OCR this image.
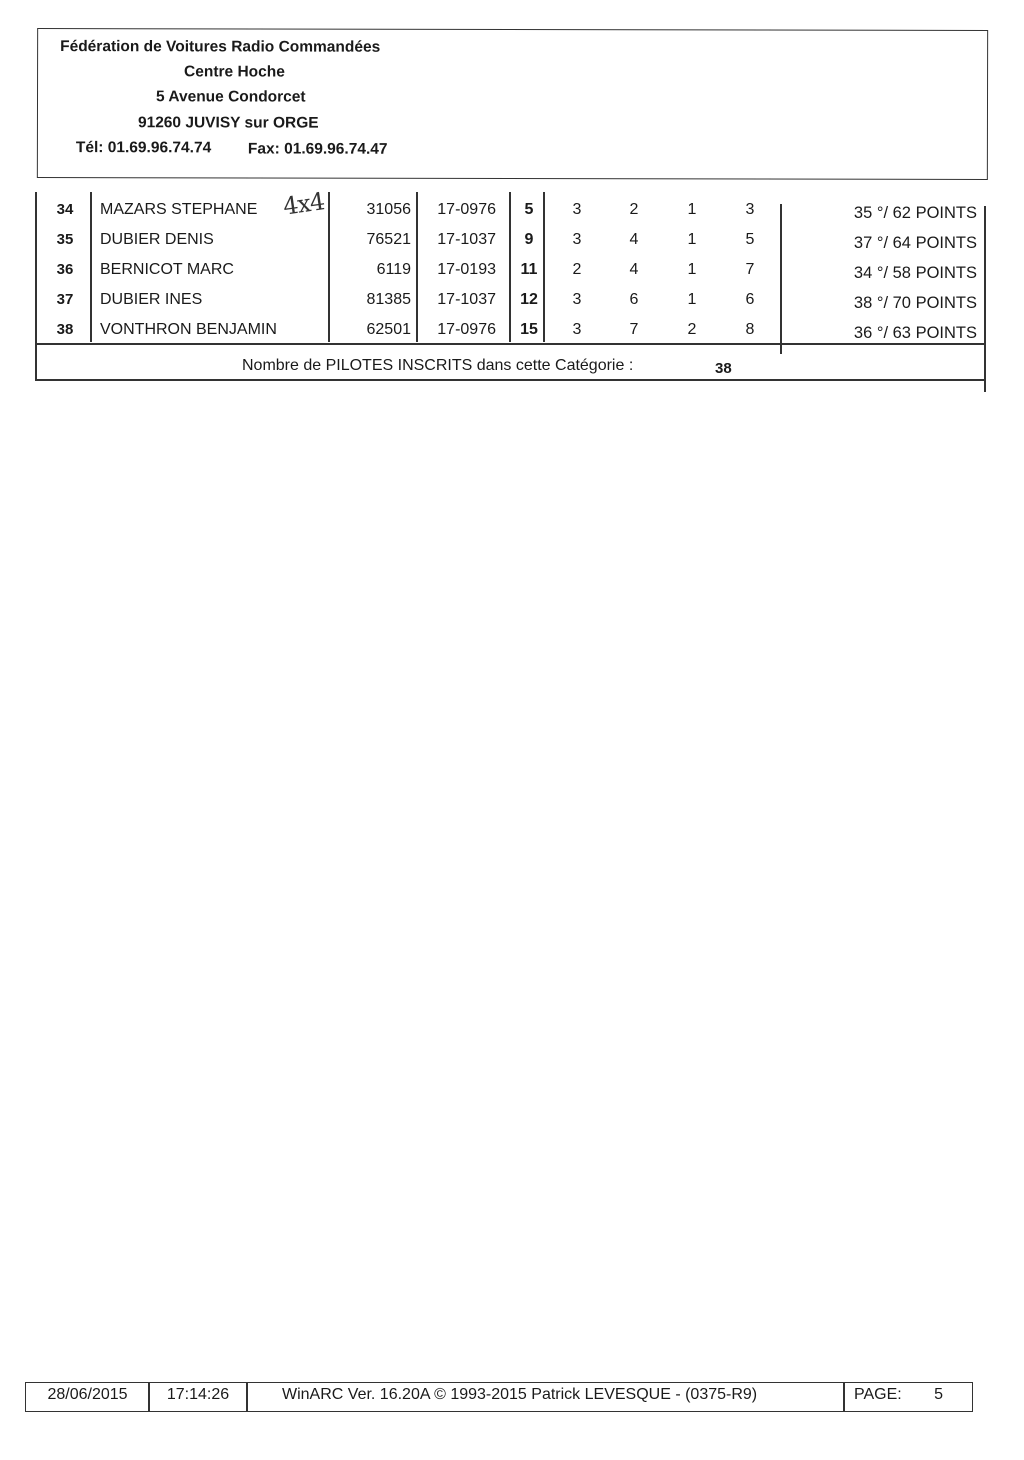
Fédération de Voitures Radio Commandées
Centre Hoche
5 Avenue Condorcet
91260 JUVISY sur ORGE
Tél: 01.69.96.74.74 Fax: 01.69.96.74.47
34	MAZARS STEPHANE	31056	17-0976	5	3	2	1	3	35 °/ 62 POINTS
35	DUBIER DENIS	76521	17-1037	9	3	4	1	5	37 °/ 64 POINTS
36	BERNICOT MARC	6119	17-0193	11	2	4	1	7	34 °/ 58 POINTS
37	DUBIER INES	81385	17-1037	12	3	6	1	6	38 °/ 70 POINTS
38	VONTHRON BENJAMIN	62501	17-0976	15	3	7	2	8	36 °/ 63 POINTS
Nombre de PILOTES INSCRITS dans cette Catégorie :	38
4x4
28/06/2015	17:14:26	WinARC Ver. 16.20A © 1993-2015 Patrick LEVESQUE - (0375-R9)	PAGE: 5
